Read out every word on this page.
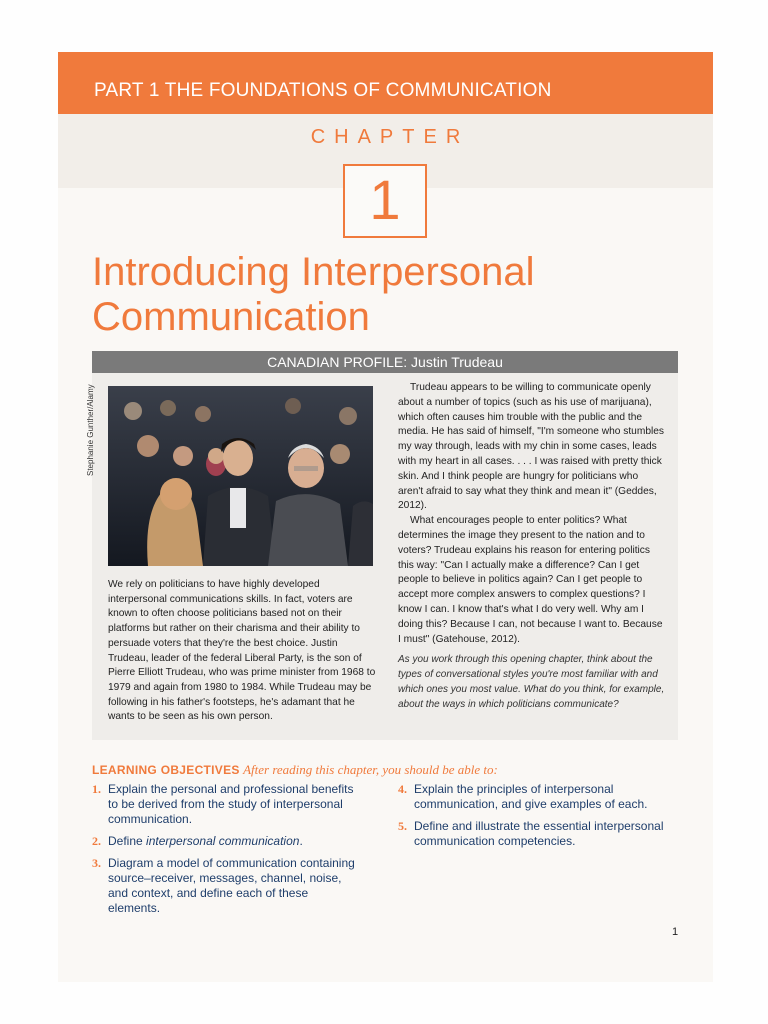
PART 1 THE FOUNDATIONS OF COMMUNICATION
CHAPTER
1
Introducing Interpersonal
Communication
CANADIAN PROFILE: Justin Trudeau
Stephanie Gunther/Alamy
We rely on politicians to have highly developed interpersonal communications skills. In fact, voters are known to often choose politicians based not on their platforms but rather on their charisma and their ability to persuade voters that they're the best choice. Justin Trudeau, leader of the federal Liberal Party, is the son of Pierre Elliott Trudeau, who was prime minister from 1968 to 1979 and again from 1980 to 1984. While Trudeau may be following in his father's footsteps, he's adamant that he wants to be seen as his own person.

Trudeau appears to be willing to communicate openly about a number of topics (such as his use of marijuana), which often causes him trouble with the public and the media. He has said of himself, "I'm someone who stumbles my way through, leads with my chin in some cases, leads with my heart in all cases. . . . I was raised with pretty thick skin. And I think people are hungry for politicians who aren't afraid to say what they think and mean it" (Geddes, 2012).

What encourages people to enter politics? What determines the image they present to the nation and to voters? Trudeau explains his reason for entering politics this way: "Can I actually make a difference? Can I get people to believe in politics again? Can I get people to accept more complex answers to complex questions? I know I can. I know that's what I do very well. Why am I doing this? Because I can, not because I want to. Because I must" (Gatehouse, 2012).

As you work through this opening chapter, think about the types of conversational styles you're most familiar with and which ones you most value. What do you think, for example, about the ways in which politicians communicate?

LEARNING OBJECTIVES After reading this chapter, you should be able to:
1. Explain the personal and professional benefits to be derived from the study of interpersonal communication.
2. Define interpersonal communication.
3. Diagram a model of communication containing source–receiver, messages, channel, noise, and context, and define each of these elements.
4. Explain the principles of interpersonal communication, and give examples of each.
5. Define and illustrate the essential interpersonal communication competencies.
1
